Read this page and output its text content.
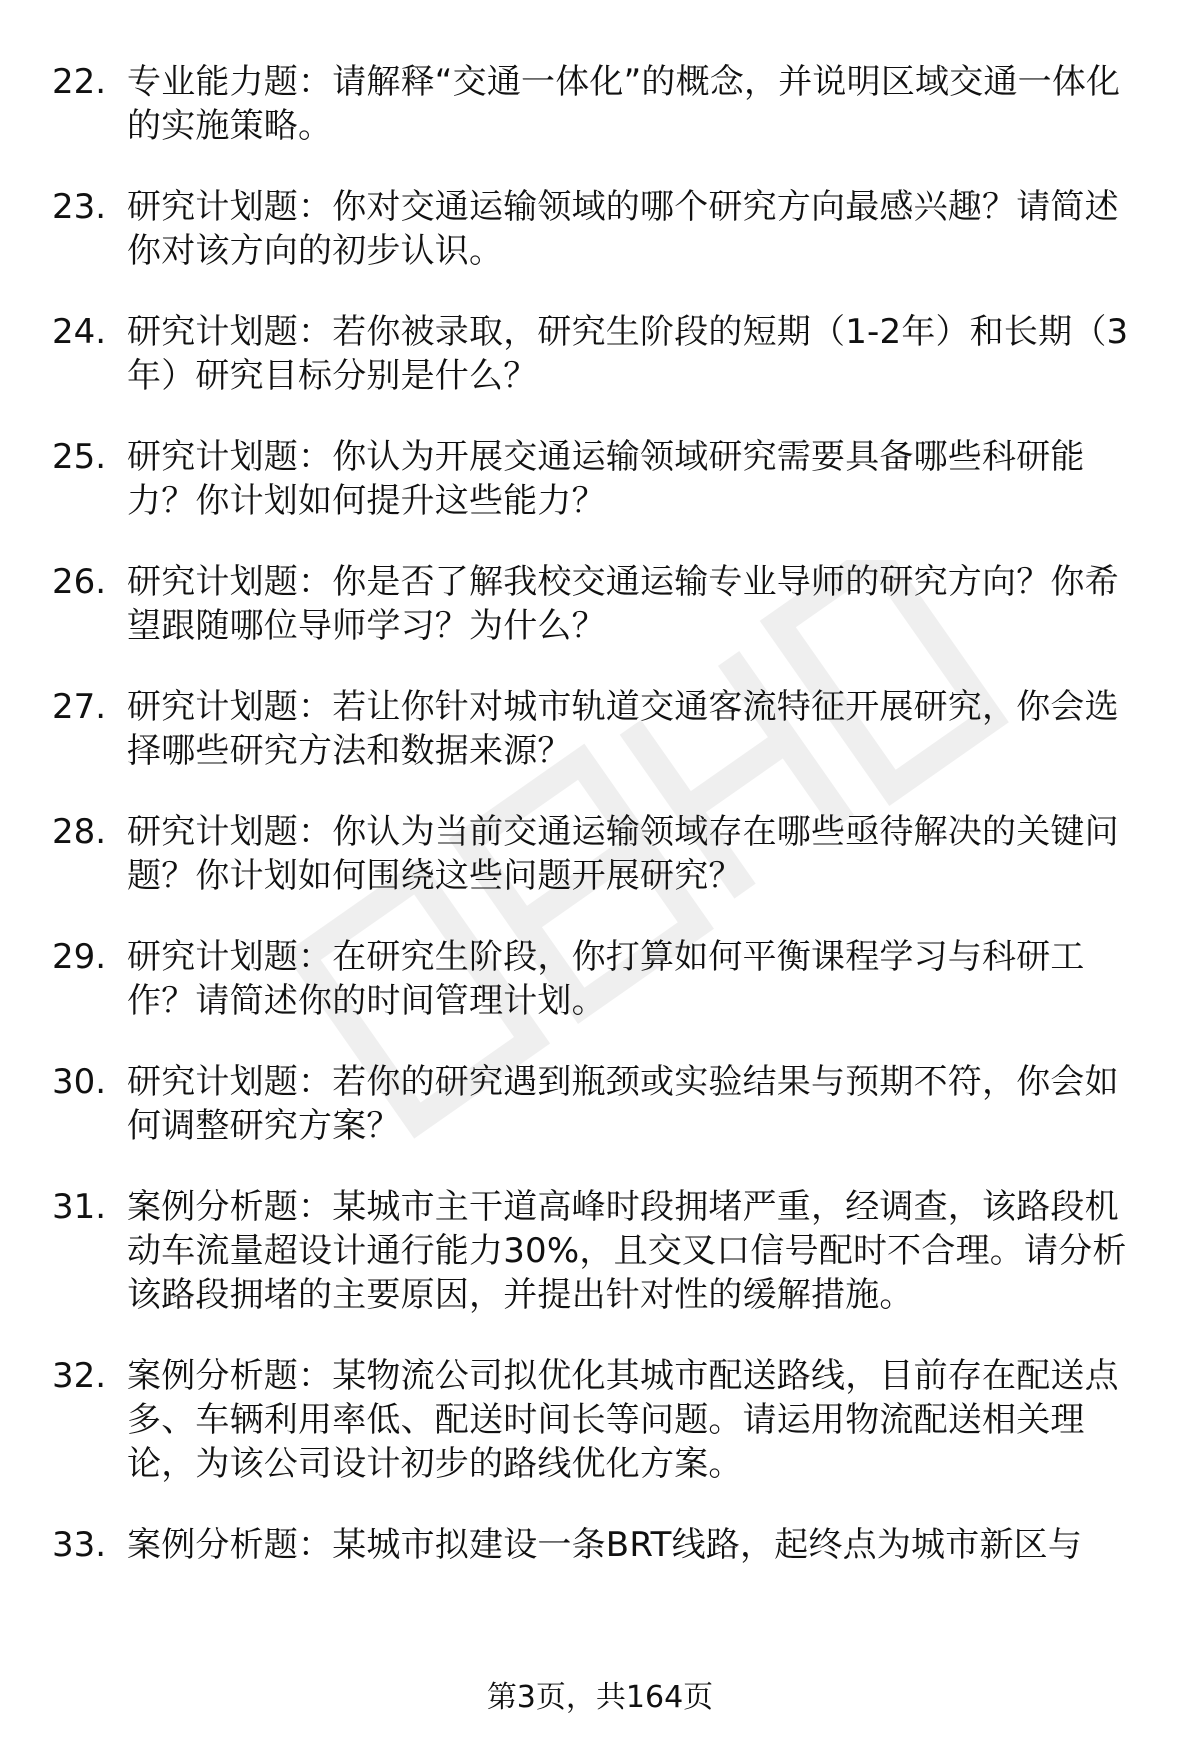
22. 专业能力题：请解释“交通一体化”的概念，并说明区域交通一体化的实施策略。
23. 研究计划题：你对交通运输领域的哪个研究方向最感兴趣？请简述你对该方向的初步认识。
24. 研究计划题：若你被录取，研究生阶段的短期（1-2年）和长期（3年）研究目标分别是什么？
25. 研究计划题：你认为开展交通运输领域研究需要具备哪些科研能力？你计划如何提升这些能力？
26. 研究计划题：你是否了解我校交通运输专业导师的研究方向？你希望跟随哪位导师学习？为什么？
27. 研究计划题：若让你针对城市轨道交通客流特征开展研究，你会选择哪些研究方法和数据来源？
28. 研究计划题：你认为当前交通运输领域存在哪些亟待解决的关键问题？你计划如何围绕这些问题开展研究？
29. 研究计划题：在研究生阶段，你打算如何平衡课程学习与科研工作？请简述你的时间管理计划。
30. 研究计划题：若你的研究遇到瓶颈或实验结果与预期不符，你会如何调整研究方案？
31. 案例分析题：某城市主干道高峰时段拥堵严重，经调查，该路段机动车流量超设计通行能力30%，且交叉口信号配时不合理。请分析该路段拥堵的主要原因，并提出针对性的缓解措施。
32. 案例分析题：某物流公司拟优化其城市配送路线，目前存在配送点多、车辆利用率低、配送时间长等问题。请运用物流配送相关理论，为该公司设计初步的路线优化方案。
33. 案例分析题：某城市拟建设一条BRT线路，起终点为城市新区与
第3页，共164页
